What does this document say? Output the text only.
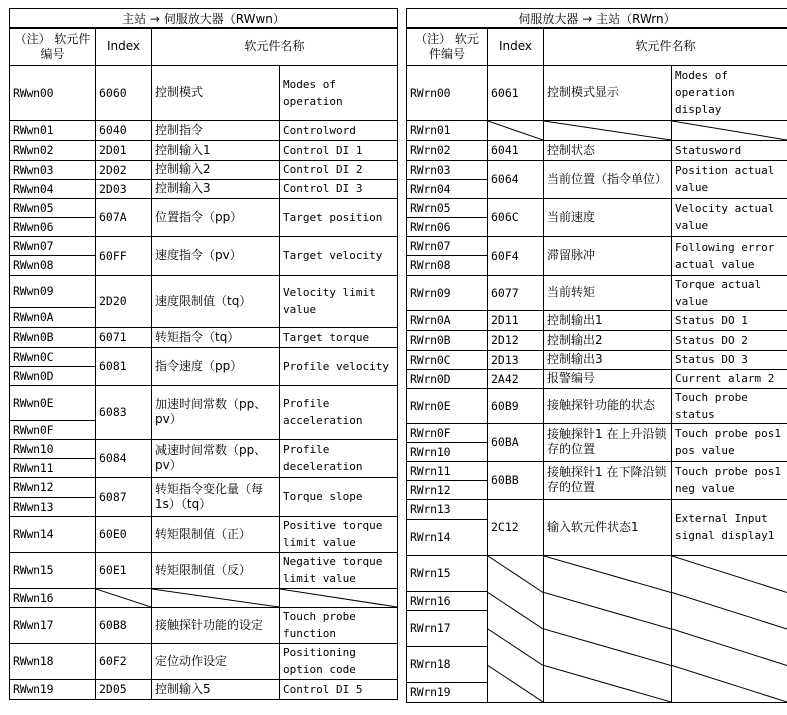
主站 → 伺服放大器（RWwn）			
（注） 软元件编号	Index	软元件名称	
RWwn00	6060	控制模式	Modes of operation
RWwn01	6040	控制指令	Controlword
RWwn02	2D01	控制输入1	Control DI 1
RWwn03	2D02	控制输入2	Control DI 2
RWwn04	2D03	控制输入3	Control DI 3
RWwn05	607A	位置指令（pp）	Target position
RWwn06			
RWwn07	60FF	速度指令（pv）	Target velocity
RWwn08			
RWwn09	2D20	速度限制值（tq）	Velocity limit value
RWwn0A			
RWwn0B	6071	转矩指令（tq）	Target torque
RWwn0C	6081	指令速度（pp）	Profile velocity
RWwn0D			
RWwn0E	6083	加速时间常数（pp、pv）	Profile acceleration
RWwn0F			
RWwn10	6084	减速时间常数（pp、pv）	Profile deceleration
RWwn11			
RWwn12	6087	转矩指令变化量（每1s）（tq）	Torque slope
RWwn13			
RWwn14	60E0	转矩限制值（正）	Positive torque limit value
RWwn15	60E1	转矩限制值（反）	Negative torque limit value
RWwn16	

RWwn17	60B8	接触探针功能的设定	Touch probe function
RWwn18	60F2	定位动作设定	Positioning option code
RWwn19	2D05	控制输入5	Control DI 5
伺服放大器 → 主站（RWrn）			
（注） 软元件编号	Index	软元件名称	
RWrn00	6061	控制模式显示	Modes of operation display
RWrn01	

RWrn02	6041	控制状态	Statusword
RWrn03	6064	当前位置（指令单位）	Position actual value
RWrn04			
RWrn05	606C	当前速度	Velocity actual value
RWrn06			
RWrn07	60F4	滞留脉冲	Following error actual value
RWrn08			
RWrn09	6077	当前转矩	Torque actual value
RWrn0A	2D11	控制输出1	Status DO 1
RWrn0B	2D12	控制输出2	Status DO 2
RWrn0C	2D13	控制输出3	Status DO 3
RWrn0D	2A42	报警编号	Current alarm 2
RWrn0E	60B9	接触探针功能的状态	Touch probe status
RWrn0F	60BA	接触探针1 在上升沿锁存的位置	Touch probe pos1 pos value
RWrn10			
RWrn11	60BB	接触探针1 在下降沿锁存的位置	Touch probe pos1 neg value
RWrn12			
RWrn13	2C12	输入软元件状态1	External Input signal display1
RWrn14			
RWrn15	

RWrn16			
RWrn17			
RWrn18			
RWrn19			
